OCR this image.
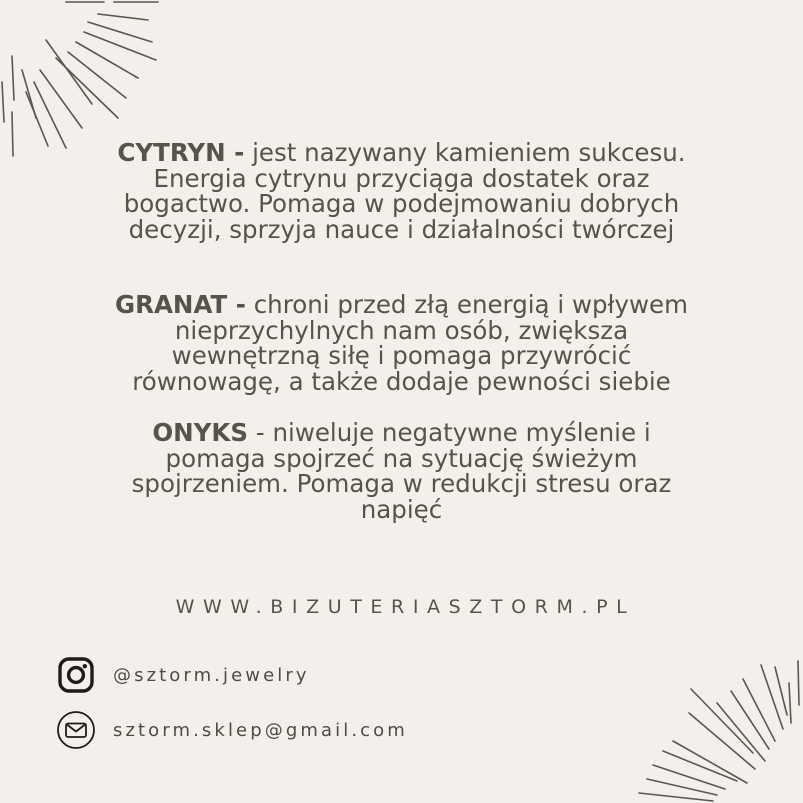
CYTRYN - jest nazywany kamieniem sukcesu.
Energia cytrynu przyciąga dostatek oraz
bogactwo. Pomaga w podejmowaniu dobrych
decyzji, sprzyja nauce i działalności twórczej
GRANAT - chroni przed złą energią i wpływem
nieprzychylnych nam osób, zwiększa
wewnętrzną siłę i pomaga przywrócić
równowagę, a także dodaje pewności siebie
ONYKS - niweluje negatywne myślenie i
pomaga spojrzeć na sytuację świeżym
spojrzeniem. Pomaga w redukcji stresu oraz
napięć
WWW.BIZUTERIASZTORM.PL
@sztorm.jewelry
sztorm.sklep@gmail.com
